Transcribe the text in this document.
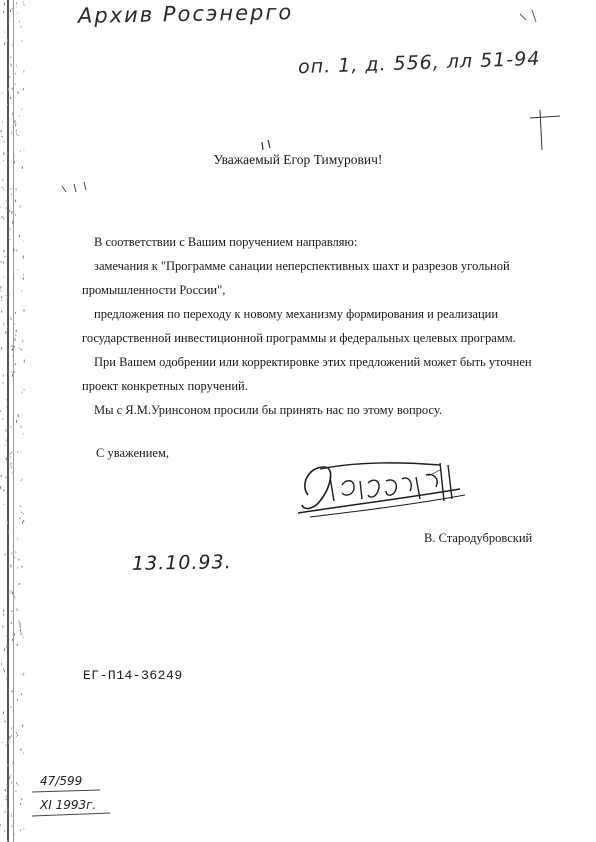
Архив Росэнерго
оп. 1, д. 556, лл 51-94
Уважаемый Егор Тимурович!

В соответствии с Вашим поручением направляю:

замечания к "Программе санации неперспективных шахт и разрезов угольной промышленности России",

предложения по переходу к новому механизму формирования и реализации государственной инвестиционной программы и федеральных целевых программ.

При Вашем одобрении или корректировке этих предложений может быть уточнен проект конкретных поручений.

Мы с Я.М.Уринсоном просили бы принять нас по этому вопросу.

С уважением,
В. Стародубровский
13.10.93.
ЕГ-П14-36249
47/599
XI 1993г.
